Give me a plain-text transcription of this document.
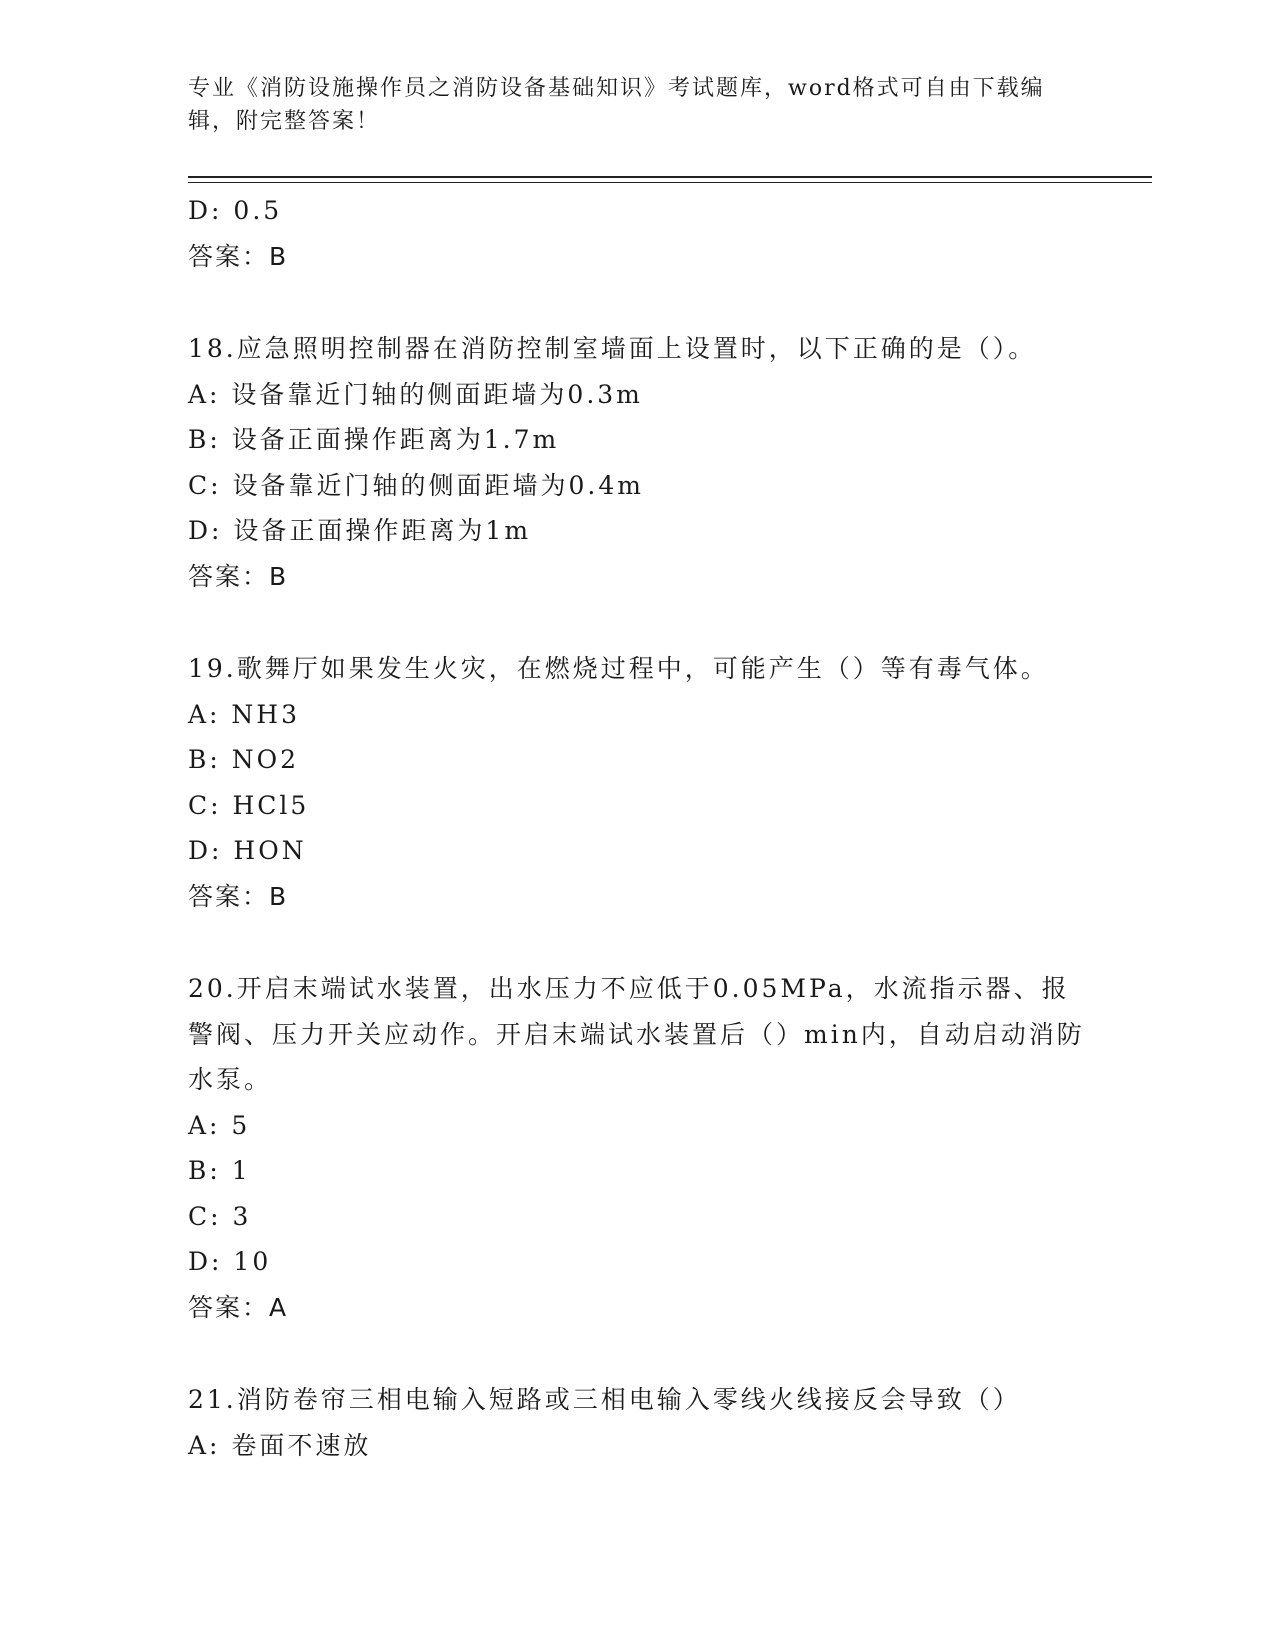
专业《消防设施操作员之消防设备基础知识》考试题库，word格式可自由下载编辑，附完整答案！
D: 0.5
答案：B
18.应急照明控制器在消防控制室墙面上设置时，以下正确的是（）。
A: 设备靠近门轴的侧面距墙为0.3m
B: 设备正面操作距离为1.7m
C: 设备靠近门轴的侧面距墙为0.4m
D: 设备正面操作距离为1m
答案：B
19.歌舞厅如果发生火灾，在燃烧过程中，可能产生（）等有毒气体。
A: NH3
B: NO2
C: HCl5
D: HON
答案：B
20.开启末端试水装置，出水压力不应低于0.05MPa，水流指示器、报警阀、压力开关应动作。开启末端试水装置后（）min内，自动启动消防水泵。
A: 5
B: 1
C: 3
D: 10
答案：A
21.消防卷帘三相电输入短路或三相电输入零线火线接反会导致（）
A: 卷面不速放
